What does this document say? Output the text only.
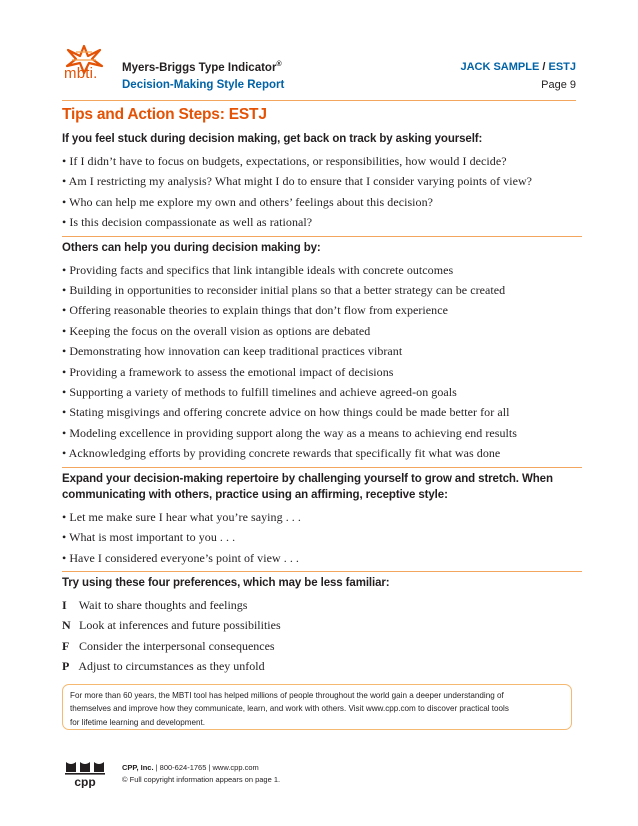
mbti. Myers-Briggs Type Indicator®
Decision-Making Style Report
JACK SAMPLE / ESTJ
Page 9
Tips and Action Steps: ESTJ
If you feel stuck during decision making, get back on track by asking yourself:
• If I didn’t have to focus on budgets, expectations, or responsibilities, how would I decide?
• Am I restricting my analysis? What might I do to ensure that I consider varying points of view?
• Who can help me explore my own and others’ feelings about this decision?
• Is this decision compassionate as well as rational?
Others can help you during decision making by:
• Providing facts and specifics that link intangible ideals with concrete outcomes
• Building in opportunities to reconsider initial plans so that a better strategy can be created
• Offering reasonable theories to explain things that don’t flow from experience
• Keeping the focus on the overall vision as options are debated
• Demonstrating how innovation can keep traditional practices vibrant
• Providing a framework to assess the emotional impact of decisions
• Supporting a variety of methods to fulfill timelines and achieve agreed-on goals
• Stating misgivings and offering concrete advice on how things could be made better for all
• Modeling excellence in providing support along the way as a means to achieving end results
• Acknowledging efforts by providing concrete rewards that specifically fit what was done
Expand your decision-making repertoire by challenging yourself to grow and stretch. When communicating with others, practice using an affirming, receptive style:
• Let me make sure I hear what you’re saying . . .
• What is most important to you . . .
• Have I considered everyone’s point of view . . .
Try using these four preferences, which may be less familiar:
I Wait to share thoughts and feelings
N Look at inferences and future possibilities
F Consider the interpersonal consequences
P Adjust to circumstances as they unfold
For more than 60 years, the MBTI tool has helped millions of people throughout the world gain a deeper understanding of
themselves and improve how they communicate, learn, and work with others. Visit www.cpp.com to discover practical tools
for lifetime learning and development.
cpp
CPP, Inc. | 800-624-1765 | www.cpp.com
© Full copyright information appears on page 1.
